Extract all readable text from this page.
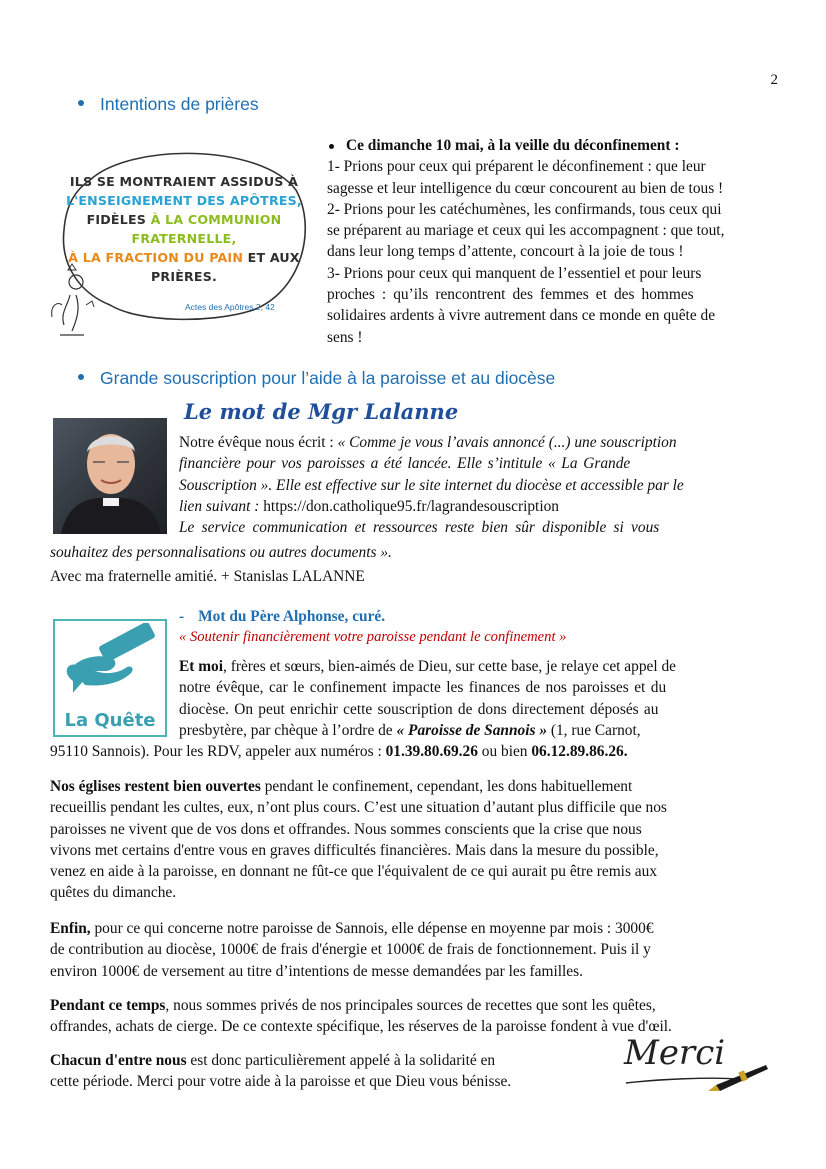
2
Intentions de prières
ILS SE MONTRAIENT ASSIDUS À
L'ENSEIGNEMENT DES APÔTRES,
FIDÈLES À LA COMMUNION
FRATERNELLE,
À LA FRACTION DU PAIN ET AUX
PRIÈRES.
Actes des Apôtres 2, 42
Ce dimanche 10 mai, à la veille du déconfinement :
1- Prions pour ceux qui préparent le déconfinement : que leur
sagesse et leur intelligence du cœur concourent au bien de tous !
2- Prions pour les catéchumènes, les confirmands, tous ceux qui
se préparent au mariage et ceux qui les accompagnent : que tout,
dans leur long temps d’attente, concourt à la joie de tous !
3- Prions pour ceux qui manquent de l’essentiel et pour leurs
proches : qu’ils rencontrent des femmes et des hommes
solidaires ardents à vivre autrement dans ce monde en quête de
sens !
Grande souscription pour l’aide à la paroisse et au diocèse
Le mot de Mgr Lalanne
Notre évêque nous écrit : « Comme je vous l’avais annoncé (...) une souscription
financière pour vos paroisses a été lancée. Elle s’intitule « La Grande
Souscription ». Elle est effective sur le site internet du diocèse et accessible par le
lien suivant : https://don.catholique95.fr/lagrandesouscription
Le service communication et ressources reste bien sûr disponible si vous
souhaitez des personnalisations ou autres documents ».
Avec ma fraternelle amitié. + Stanislas LALANNE
La Quête
- Mot du Père Alphonse, curé.
« Soutenir financièrement votre paroisse pendant le confinement »
Et moi, frères et sœurs, bien-aimés de Dieu, sur cette base, je relaye cet appel de
notre évêque, car le confinement impacte les finances de nos paroisses et du
diocèse. On peut enrichir cette souscription de dons directement déposés au
presbytère, par chèque à l’ordre de « Paroisse de Sannois » (1, rue Carnot,
95110 Sannois). Pour les RDV, appeler aux numéros : 01.39.80.69.26 ou bien 06.12.89.86.26.
Nos églises restent bien ouvertes pendant le confinement, cependant, les dons habituellement
recueillis pendant les cultes, eux, n’ont plus cours. C’est une situation d’autant plus difficile que nos
paroisses ne vivent que de vos dons et offrandes. Nous sommes conscients que la crise que nous
vivons met certains d'entre vous en graves difficultés financières. Mais dans la mesure du possible,
venez en aide à la paroisse, en donnant ne fût-ce que l'équivalent de ce qui aurait pu être remis aux
quêtes du dimanche.
Enfin, pour ce qui concerne notre paroisse de Sannois, elle dépense en moyenne par mois : 3000€
de contribution au diocèse, 1000€ de frais d'énergie et 1000€ de frais de fonctionnement. Puis il y
environ 1000€ de versement au titre d’intentions de messe demandées par les familles.
Pendant ce temps, nous sommes privés de nos principales sources de recettes que sont les quêtes,
offrandes, achats de cierge. De ce contexte spécifique, les réserves de la paroisse fondent à vue d'œil.
Chacun d'entre nous est donc particulièrement appelé à la solidarité en
cette période. Merci pour votre aide à la paroisse et que Dieu vous bénisse.
Merci
